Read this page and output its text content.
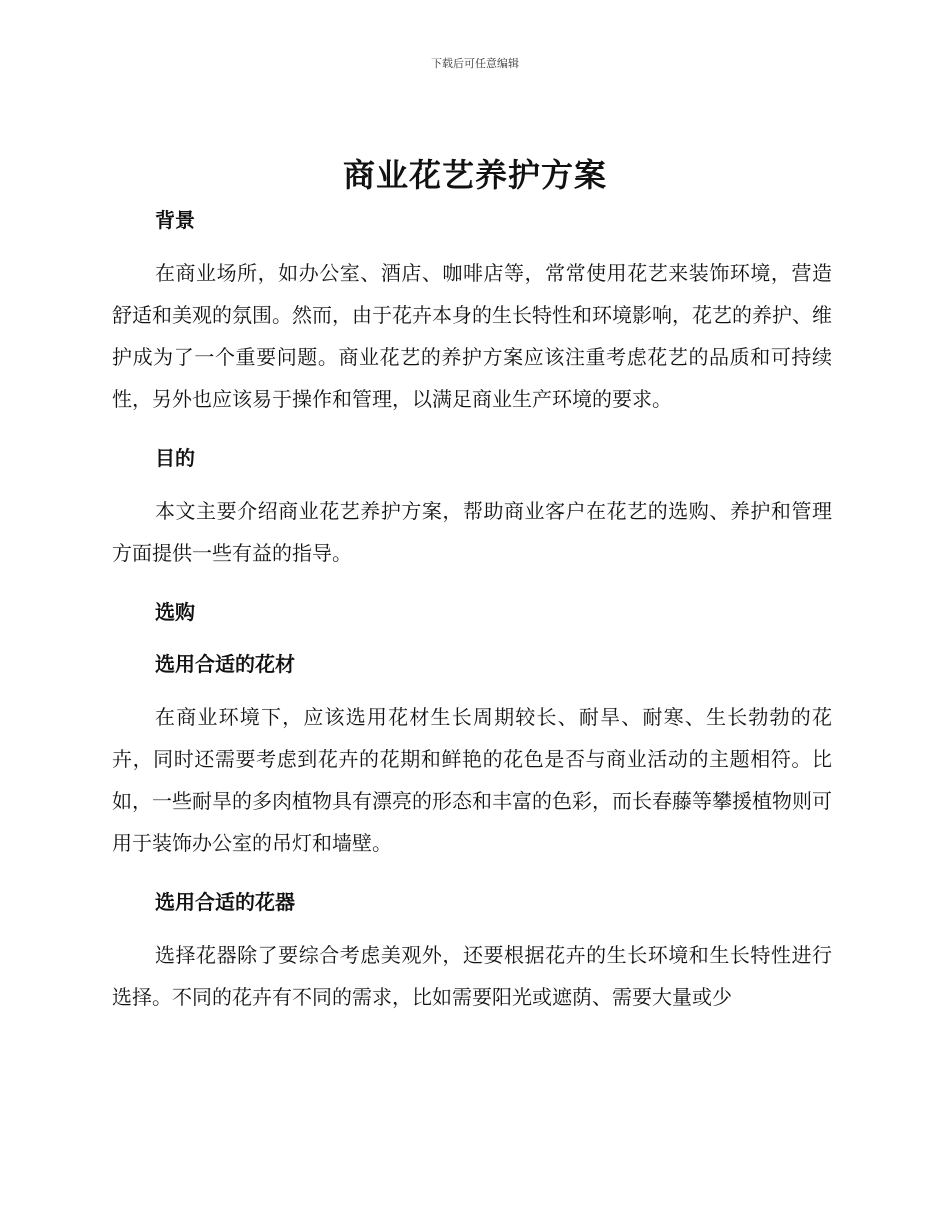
下载后可任意编辑
商业花艺养护方案
背景

在商业场所，如办公室、酒店、咖啡店等，常常使用花艺来装饰环境，营造舒适和美观的氛围。然而，由于花卉本身的生长特性和环境影响，花艺的养护、维护成为了一个重要问题。商业花艺的养护方案应该注重考虑花艺的品质和可持续性，另外也应该易于操作和管理，以满足商业生产环境的要求。

目的

本文主要介绍商业花艺养护方案，帮助商业客户在花艺的选购、养护和管理方面提供一些有益的指导。

选购
选用合适的花材

在商业环境下，应该选用花材生长周期较长、耐旱、耐寒、生长勃勃的花卉，同时还需要考虑到花卉的花期和鲜艳的花色是否与商业活动的主题相符。比如，一些耐旱的多肉植物具有漂亮的形态和丰富的色彩，而长春藤等攀援植物则可用于装饰办公室的吊灯和墙壁。

选用合适的花器

选择花器除了要综合考虑美观外，还要根据花卉的生长环境和生长特性进行选择。不同的花卉有不同的需求，比如需要阳光或遮荫、需要大量或少
